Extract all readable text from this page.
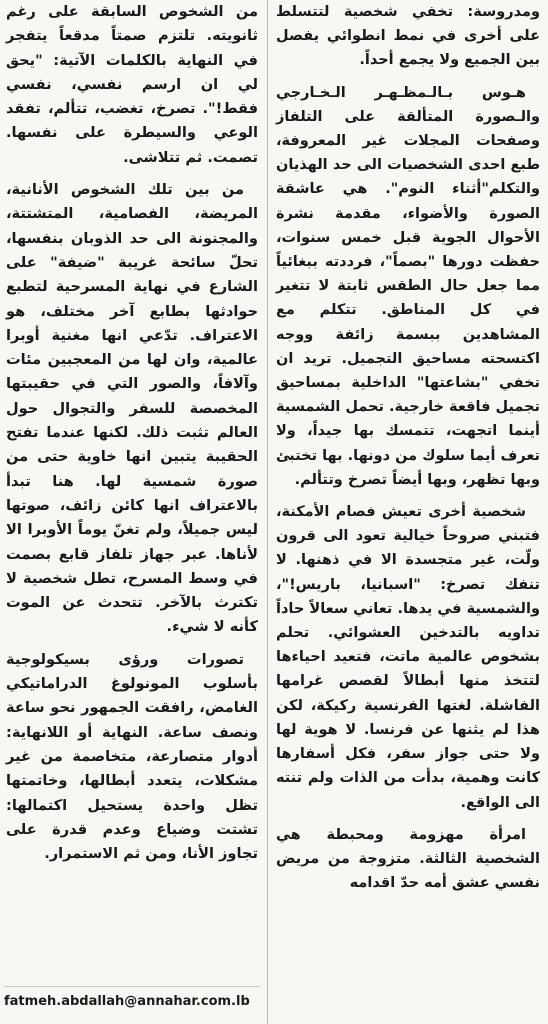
ومدروسة: تخفي شخصية لتتسلط على أخرى في نمط انطوائي يفصل بين الجميع ولا يجمع أحداً.

هـوس بـالـمظـهـر الـخـارجي والـصورة المتألقة على التلفاز وصفحات المجلات غير المعروفة، طبع احدى الشخصيات الى حد الهذيان والتكلم"أثناء النوم". هي عاشقة الصورة والأضواء، مقدمة نشرة الأحوال الجوية قبل خمس سنوات، حفظت دورها "بصماً"، فرددته ببغائياً مما جعل حال الطقس ثابتة لا تتغير في كل المناطق. تتكلم مع المشاهدين ببسمة زائفة ووجه اكتسحته مساحيق التجميل. تريد ان تخفي "بشاعتها" الداخلية بمساحيق تجميل فاقعة خارجية. تحمل الشمسية أينما اتجهت، تتمسك بها جيداً، ولا تعرف أيما سلوك من دونها. بها تختبئ وبها تظهر، وبها أيضاً تصرخ وتتألم.

شخصية أخرى تعيش فصام الأمكنة، فتبني صروحاً خيالية تعود الى قرون ولّت، غير متجسدة الا في ذهنها. لا تنفك تصرخ: "اسبانيا، باريس!"، والشمسية في يدها. تعاني سعالاً حاداً تداويه بالتدخين العشوائي. تحلم بشخوص عالمية ماتت، فتعيد احياءها لتتخذ منها أبطالاً لقصص غرامها الفاشلة. لغتها الفرنسية ركيكة، لكن هذا لم يثنها عن فرنسا. لا هوية لها ولا حتى جواز سفر، فكل أسفارها كانت وهمية، بدأت من الذات ولم تنته الى الواقع.

امرأة مهزومة ومحبطة هي الشخصية الثالثة. متزوجة من مريض نفسي عشق أمه حدّ اقدامه

من الشخوص السابقة على رغم ثانويته. تلتزم صمتاً مدقعاً يتفجر في النهاية بالكلمات الآتية: "يحق لي ان ارسم نفسي، نفسي فقط!". تصرخ، تغضب، تتألم، تفقد الوعي والسيطرة على نفسها. تصمت. ثم تتلاشى.

من بين تلك الشخوص الأنانية، المريضة، الفصامية، المتشتتة، والمجنونة الى حد الذوبان بنفسها، تحلّ سائحة غريبة "ضيفة" على الشارع في نهاية المسرحية لتطبع حوادثها بطابع آخر مختلف، هو الاعتراف. تدّعي انها مغنية أوبرا عالمية، وان لها من المعجبين مئات وآلافاً، والصور التي في حقيبتها المخصصة للسفر والتجوال حول العالم تثبت ذلك. لكنها عندما تفتح الحقيبة يتبين انها خاوية حتى من صورة شمسية لها. هنا تبدأ بالاعتراف انها كائن زائف، صوتها ليس جميلاً، ولم تغنّ يوماً الأوبرا الا لأناها. عبر جهاز تلفاز قابع بصمت في وسط المسرح، تطل شخصية لا تكترث بالآخر. تتحدث عن الموت كأنه لا شيء.

تصورات ورؤى بسيكولوجية بأسلوب المونولوغ الدراماتيكي الغامض، رافقت الجمهور نحو ساعة ونصف ساعة. النهاية أو اللانهاية: أدوار متصارعة، متخاصمة من غير مشكلات، يتعدد أبطالها، وخاتمتها تظل واحدة يستحيل اكتمالها: تشتت وضياع وعدم قدرة على تجاوز الأنا، ومن ثم الاستمرار.

fatmeh.abdallah@annahar.com.lb
